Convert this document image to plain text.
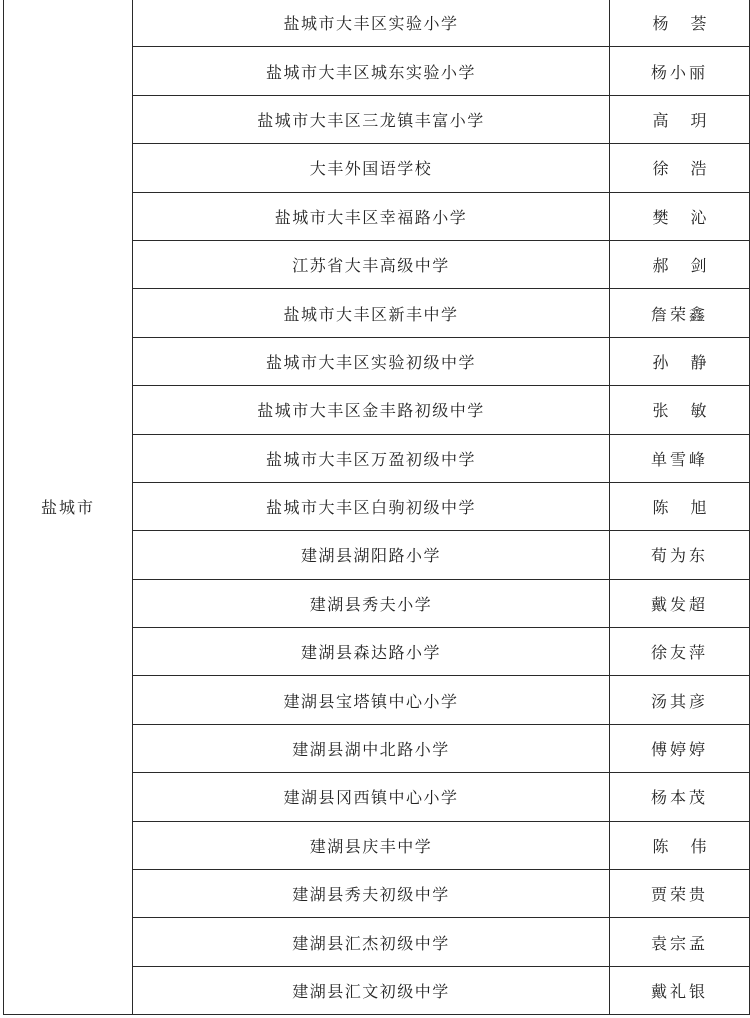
盐城市	盐城市大丰区实验小学	杨荟
	盐城市大丰区城东实验小学	杨小丽
	盐城市大丰区三龙镇丰富小学	高玥
	大丰外国语学校	徐浩
	盐城市大丰区幸福路小学	樊沁
	江苏省大丰高级中学	郝剑
	盐城市大丰区新丰中学	詹荣鑫
	盐城市大丰区实验初级中学	孙静
	盐城市大丰区金丰路初级中学	张敏
	盐城市大丰区万盈初级中学	单雪峰
	盐城市大丰区白驹初级中学	陈旭
	建湖县湖阳路小学	荀为东
	建湖县秀夫小学	戴发超
	建湖县森达路小学	徐友萍
	建湖县宝塔镇中心小学	汤其彦
	建湖县湖中北路小学	傅婷婷
	建湖县冈西镇中心小学	杨本茂
	建湖县庆丰中学	陈伟
	建湖县秀夫初级中学	贾荣贵
	建湖县汇杰初级中学	袁宗孟
	建湖县汇文初级中学	戴礼银
